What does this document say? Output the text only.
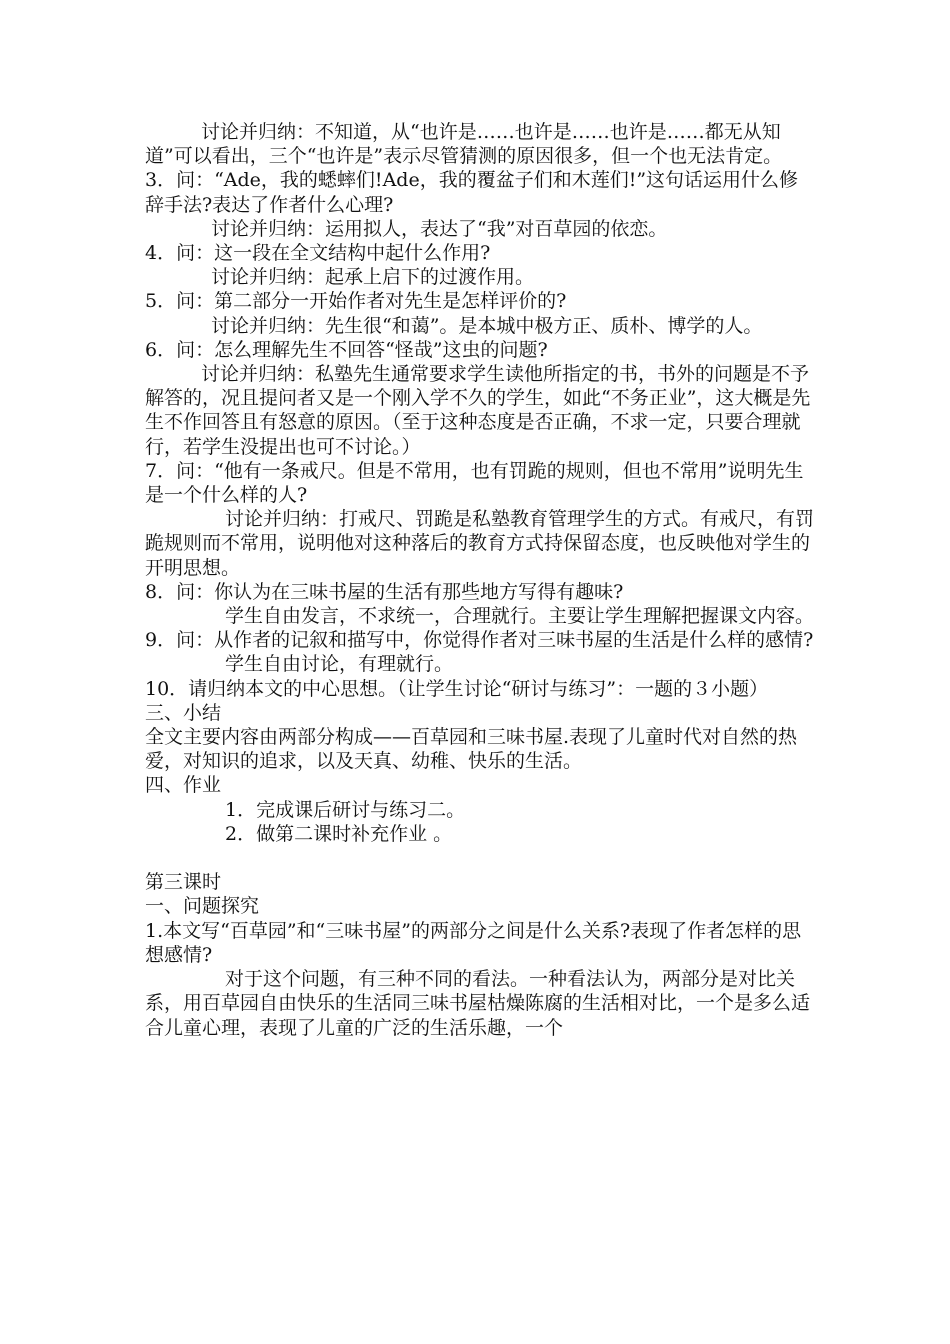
讨论并归纳：不知道，从“也许是……也许是……也许是……都无从知道”可以看出，三个“也许是”表示尽管猜测的原因很多，但一个也无法肯定。

3．问：“Ade，我的蟋蟀们!Ade，我的覆盆子们和木莲们!”这句话运用什么修辞手法?表达了作者什么心理?

讨论并归纳：运用拟人，表达了“我”对百草园的依恋。

4．问：这一段在全文结构中起什么作用?

讨论并归纳：起承上启下的过渡作用。

5．问：第二部分一开始作者对先生是怎样评价的?

讨论并归纳：先生很“和蔼”。是本城中极方正、质朴、博学的人。

6．问：怎么理解先生不回答“怪哉”这虫的问题?

讨论并归纳：私塾先生通常要求学生读他所指定的书，书外的问题是不予解答的，况且提问者又是一个刚入学不久的学生，如此“不务正业”，这大概是先生不作回答且有怒意的原因。（至于这种态度是否正确，不求一定，只要合理就行，若学生没提出也可不讨论。）

7．问：“他有一条戒尺。但是不常用，也有罚跪的规则，但也不常用”说明先生是一个什么样的人?

讨论并归纳：打戒尺、罚跪是私塾教育管理学生的方式。有戒尺，有罚跪规则而不常用，说明他对这种落后的教育方式持保留态度，也反映他对学生的开明思想。

8．问：你认为在三味书屋的生活有那些地方写得有趣味?

学生自由发言，不求统一，合理就行。主要让学生理解把握课文内容。

9．问：从作者的记叙和描写中，你觉得作者对三味书屋的生活是什么样的感情?

学生自由讨论，有理就行。

10．请归纳本文的中心思想。（让学生讨论“研讨与练习”：一题的３小题）

三、小结

全文主要内容由两部分构成——百草园和三味书屋.表现了儿童时代对自然的热爱，对知识的追求，以及天真、幼稚、快乐的生活。

四、作业

1．完成课后研讨与练习二。

2．做第二课时补充作业 。

第三课时

一、问题探究

1.本文写“百草园”和“三味书屋”的两部分之间是什么关系?表现了作者怎样的思想感情?

对于这个问题，有三种不同的看法。一种看法认为，两部分是对比关系，用百草园自由快乐的生活同三味书屋枯燥陈腐的生活相对比，一个是多么适合儿童心理，表现了儿童的广泛的生活乐趣，一个
